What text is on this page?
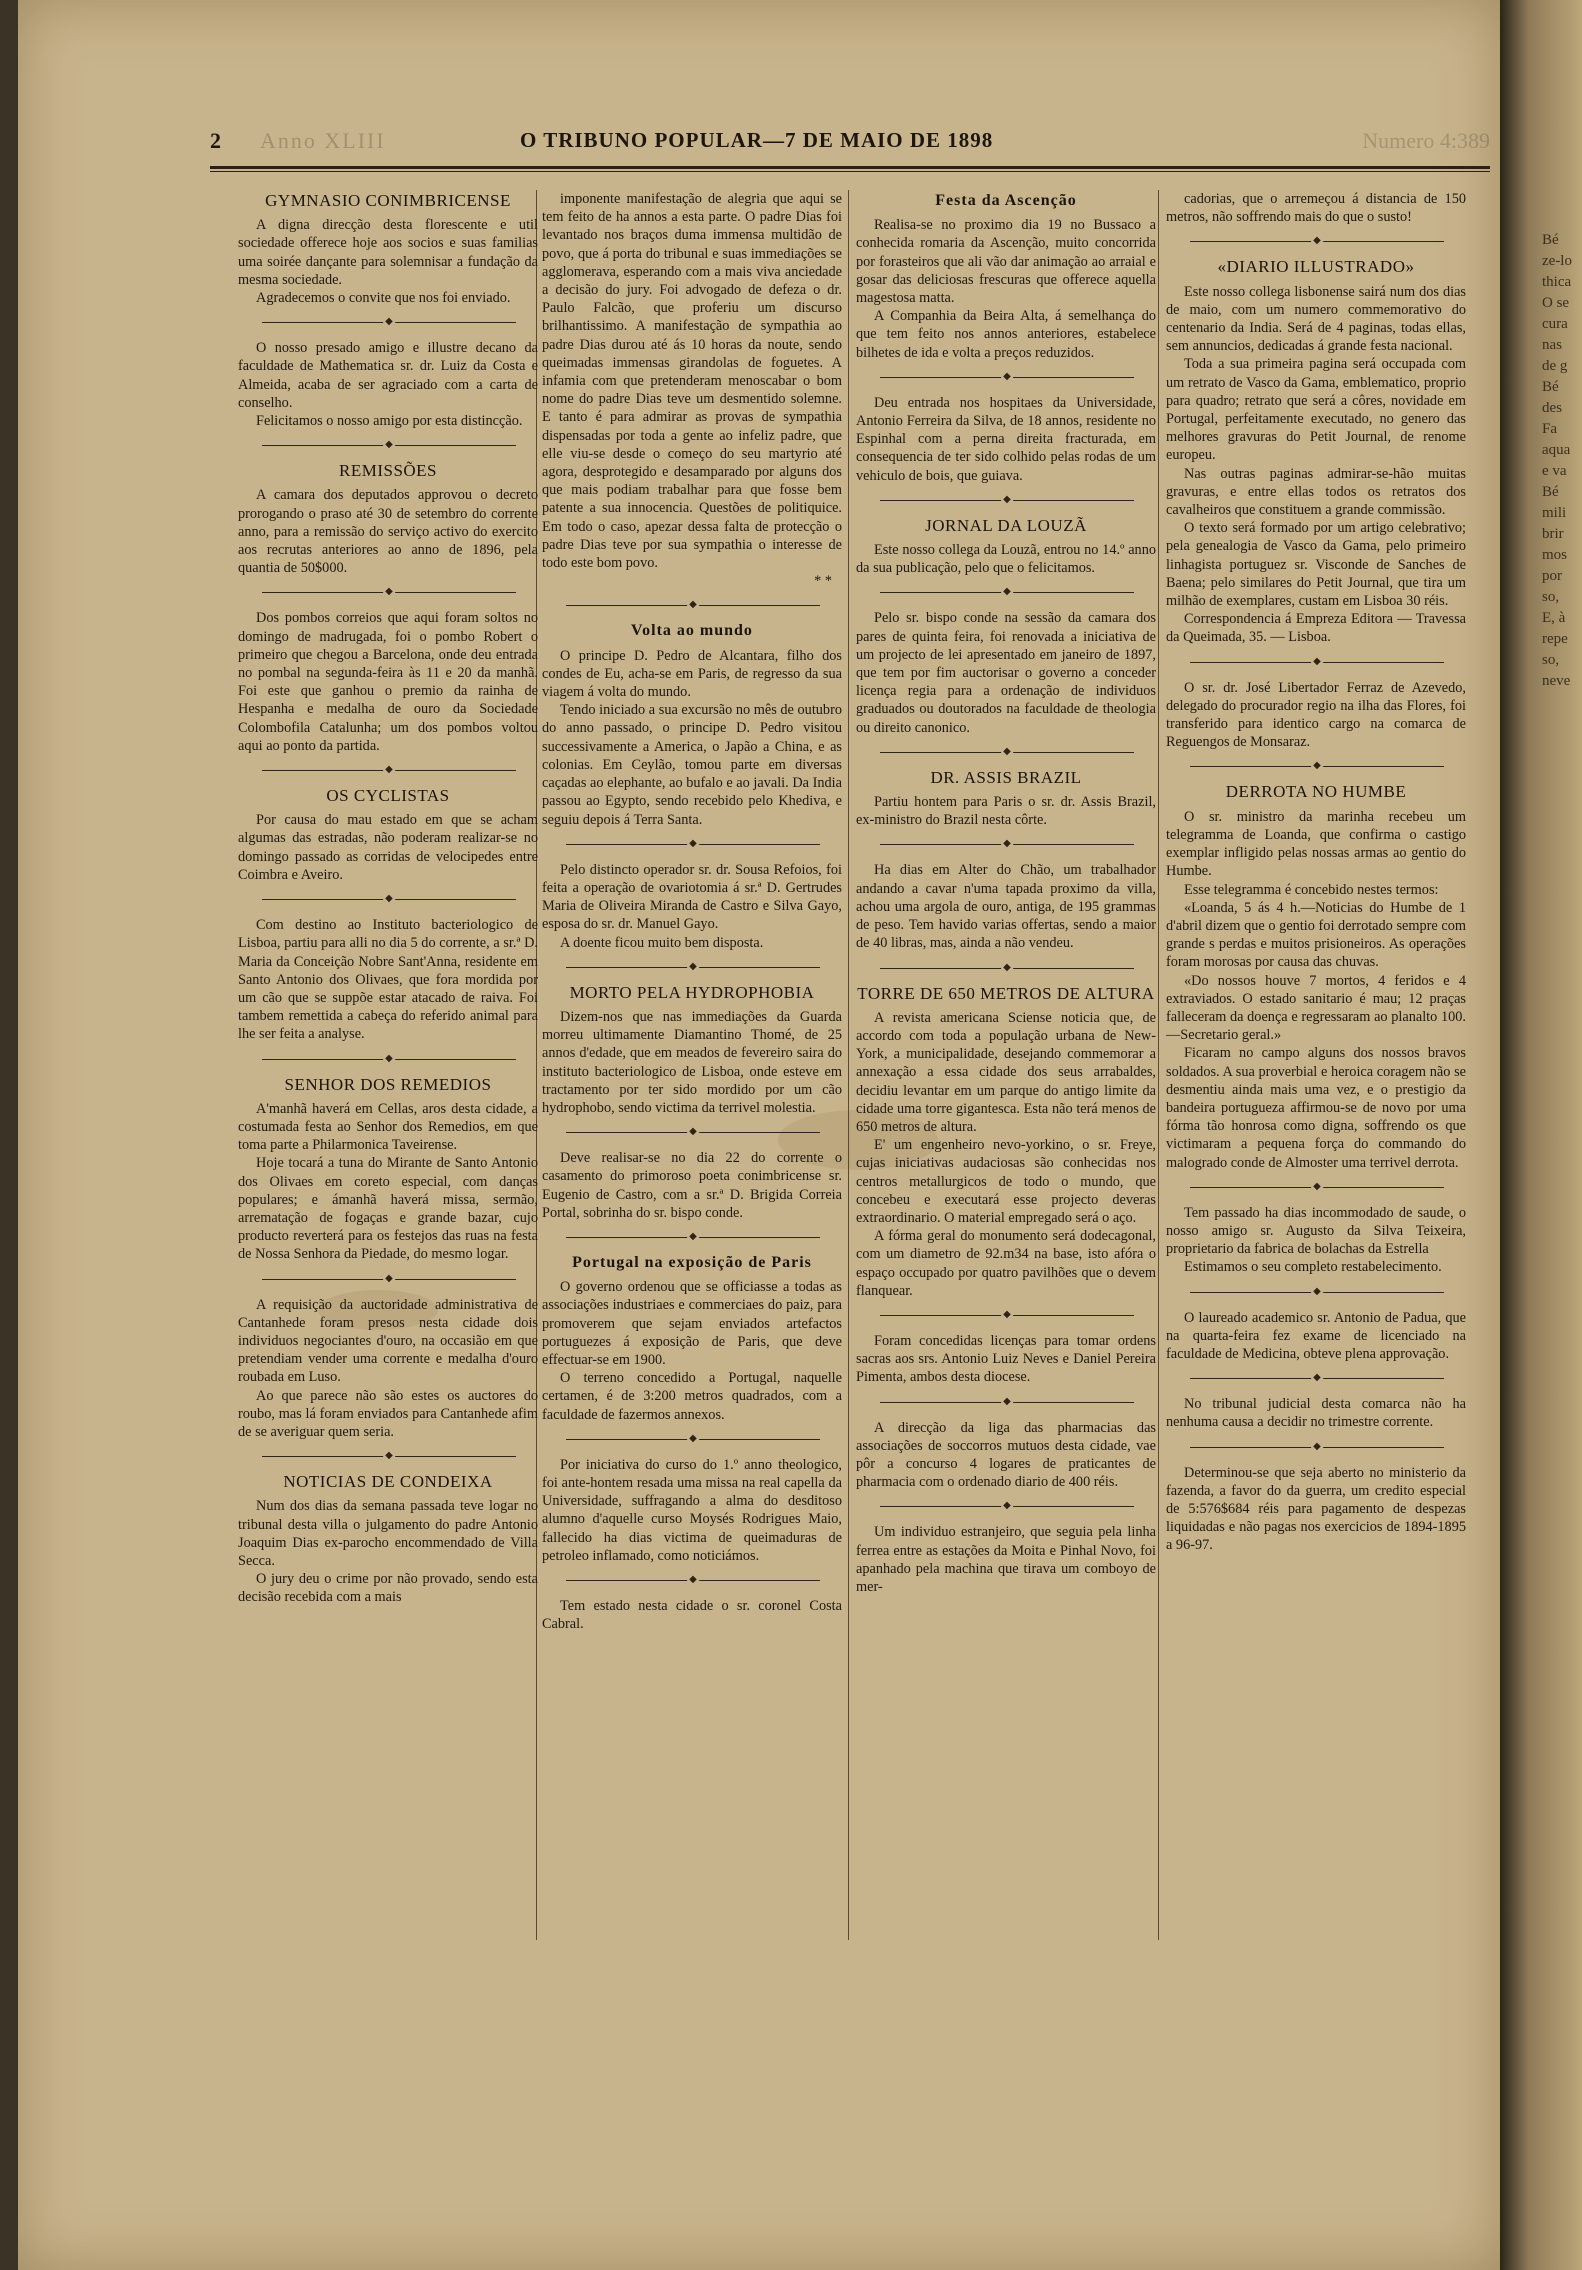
Bé
ze-lo
thica
O se
cura
nas
de g
Bé
des
Fa
aqua
e va
Bé
mili
brir
mos
por
so,
E, à
repe
so,
neve
2 Anno XLIII	O TRIBUNO POPULAR—7 DE MAIO DE 1898	Numero 4:389
GYMNASIO CONIMBRICENSE

A digna direcção desta florescente e util sociedade offerece hoje aos socios e suas familias uma soirée dançante para solemnisar a fundação da mesma sociedade.

Agradecemos o convite que nos foi enviado.

◆

O nosso presado amigo e illustre decano da faculdade de Mathematica sr. dr. Luiz da Costa e Almeida, acaba de ser agraciado com a carta de conselho.

Felicitamos o nosso amigo por esta distincção.

◆
REMISSÕES

A camara dos deputados approvou o decreto prorogando o praso até 30 de setembro do corrente anno, para a remissão do serviço activo do exercito aos recrutas anteriores ao anno de 1896, pela quantia de 50$000.

◆

Dos pombos correios que aqui foram soltos no domingo de madrugada, foi o pombo Robert o primeiro que chegou a Barcelona, onde deu entrada no pombal na segunda-feira às 11 e 20 da manhã. Foi este que ganhou o premio da rainha de Hespanha e medalha de ouro da Sociedade Colombofila Catalunha; um dos pombos voltou aqui ao ponto da partida.

◆
OS CYCLISTAS

Por causa do mau estado em que se acham algumas das estradas, não poderam realizar-se no domingo passado as corridas de velocipedes entre Coimbra e Aveiro.

◆

Com destino ao Instituto bacteriologico de Lisboa, partiu para alli no dia 5 do corrente, a sr.ª D. Maria da Conceição Nobre Sant'Anna, residente em Santo Antonio dos Olivaes, que fora mordida por um cão que se suppõe estar atacado de raiva. Foi tambem remettida a cabeça do referido animal para lhe ser feita a analyse.

◆
SENHOR DOS REMEDIOS

A'manhã haverá em Cellas, aros desta cidade, a costumada festa ao Senhor dos Remedios, em que toma parte a Philarmonica Taveirense.

Hoje tocará a tuna do Mirante de Santo Antonio dos Olivaes em coreto especial, com danças populares; e ámanhã haverá missa, sermão, arrematação de fogaças e grande bazar, cujo producto reverterá para os festejos das ruas na festa de Nossa Senhora da Piedade, do mesmo logar.

◆

A requisição da auctoridade administrativa de Cantanhede foram presos nesta cidade dois individuos negociantes d'ouro, na occasião em que pretendiam vender uma corrente e medalha d'ouro roubada em Luso.

Ao que parece não são estes os auctores do roubo, mas lá foram enviados para Cantanhede afim de se averiguar quem seria.

◆
NOTICIAS DE CONDEIXA

Num dos dias da semana passada teve logar no tribunal desta villa o julgamento do padre Antonio Joaquim Dias ex-parocho encommendado de Villa Secca.

O jury deu o crime por não provado, sendo esta decisão recebida com a mais

imponente manifestação de alegria que aqui se tem feito de ha annos a esta parte. O padre Dias foi levantado nos braços duma immensa multidão de povo, que á porta do tribunal e suas immediações se agglomerava, esperando com a mais viva anciedade a decisão do jury. Foi advogado de defeza o dr. Paulo Falcão, que proferiu um discurso brilhantissimo. A manifestação de sympathia ao padre Dias durou até ás 10 horas da noute, sendo queimadas immensas girandolas de foguetes. A infamia com que pretenderam menoscabar o bom nome do padre Dias teve um desmentido solemne. E tanto é para admirar as provas de sympathia dispensadas por toda a gente ao infeliz padre, que elle viu-se desde o começo do seu martyrio até agora, desprotegido e desamparado por alguns dos que mais podiam trabalhar para que fosse bem patente a sua innocencia. Questões de politiquice. Em todo o caso, apezar dessa falta de protecção o padre Dias teve por sua sympathia o interesse de todo este bom povo.

* *
◆
Volta ao mundo

O principe D. Pedro de Alcantara, filho dos condes de Eu, acha-se em Paris, de regresso da sua viagem á volta do mundo.

Tendo iniciado a sua excursão no mês de outubro do anno passado, o principe D. Pedro visitou successivamente a America, o Japão a China, e as colonias. Em Ceylão, tomou parte em diversas caçadas ao elephante, ao bufalo e ao javali. Da India passou ao Egypto, sendo recebido pelo Khediva, e seguiu depois á Terra Santa.

◆

Pelo distincto operador sr. dr. Sousa Refoios, foi feita a operação de ovariotomia á sr.ª D. Gertrudes Maria de Oliveira Miranda de Castro e Silva Gayo, esposa do sr. dr. Manuel Gayo.

A doente ficou muito bem disposta.

◆
MORTO PELA HYDROPHOBIA

Dizem-nos que nas immediações da Guarda morreu ultimamente Diamantino Thomé, de 25 annos d'edade, que em meados de fevereiro saira do instituto bacteriologico de Lisboa, onde esteve em tractamento por ter sido mordido por um cão hydrophobo, sendo victima da terrivel molestia.

◆

Deve realisar-se no dia 22 do corrente o casamento do primoroso poeta conimbricense sr. Eugenio de Castro, com a sr.ª D. Brigida Correia Portal, sobrinha do sr. bispo conde.

◆
Portugal na exposição de Paris

O governo ordenou que se officiasse a todas as associações industriaes e commerciaes do paiz, para promoverem que sejam enviados artefactos portuguezes á exposição de Paris, que deve effectuar-se em 1900.

O terreno concedido a Portugal, naquelle certamen, é de 3:200 metros quadrados, com a faculdade de fazermos annexos.

◆

Por iniciativa do curso do 1.º anno theologico, foi ante-hontem resada uma missa na real capella da Universidade, suffragando a alma do desditoso alumno d'aquelle curso Moysés Rodrigues Maio, fallecido ha dias victima de queimaduras de petroleo inflamado, como noticiámos.

◆

Tem estado nesta cidade o sr. coronel Costa Cabral.

Festa da Ascenção

Realisa-se no proximo dia 19 no Bussaco a conhecida romaria da Ascenção, muito concorrida por forasteiros que ali vão dar animação ao arraial e gosar das deliciosas frescuras que offerece aquella magestosa matta.

A Companhia da Beira Alta, á semelhança do que tem feito nos annos anteriores, estabelece bilhetes de ida e volta a preços reduzidos.

◆

Deu entrada nos hospitaes da Universidade, Antonio Ferreira da Silva, de 18 annos, residente no Espinhal com a perna direita fracturada, em consequencia de ter sido colhido pelas rodas de um vehiculo de bois, que guiava.

◆
JORNAL DA LOUZÃ

Este nosso collega da Louzã, entrou no 14.º anno da sua publicação, pelo que o felicitamos.

◆

Pelo sr. bispo conde na sessão da camara dos pares de quinta feira, foi renovada a iniciativa de um projecto de lei apresentado em janeiro de 1897, que tem por fim auctorisar o governo a conceder licença regia para a ordenação de individuos graduados ou doutorados na faculdade de theologia ou direito canonico.

◆
DR. ASSIS BRAZIL

Partiu hontem para Paris o sr. dr. Assis Brazil, ex-ministro do Brazil nesta côrte.

◆

Ha dias em Alter do Chão, um trabalhador andando a cavar n'uma tapada proximo da villa, achou uma argola de ouro, antiga, de 195 grammas de peso. Tem havido varias offertas, sendo a maior de 40 libras, mas, ainda a não vendeu.

◆
TORRE DE 650 METROS DE ALTURA

A revista americana Sciense noticia que, de accordo com toda a população urbana de New-York, a municipalidade, desejando commemorar a annexação a essa cidade dos seus arrabaldes, decidiu levantar em um parque do antigo limite da cidade uma torre gigantesca. Esta não terá menos de 650 metros de altura.

E' um engenheiro nevo-yorkino, o sr. Freye, cujas iniciativas audaciosas são conhecidas nos centros metallurgicos de todo o mundo, que concebeu e executará esse projecto deveras extraordinario. O material empregado será o aço.

A fórma geral do monumento será dodecagonal, com um diametro de 92.m34 na base, isto afóra o espaço occupado por quatro pavilhões que o devem flanquear.

◆

Foram concedidas licenças para tomar ordens sacras aos srs. Antonio Luiz Neves e Daniel Pereira Pimenta, ambos desta diocese.

◆

A direcção da liga das pharmacias das associações de soccorros mutuos desta cidade, vae pôr a concurso 4 logares de praticantes de pharmacia com o ordenado diario de 400 réis.

◆

Um individuo estranjeiro, que seguia pela linha ferrea entre as estações da Moita e Pinhal Novo, foi apanhado pela machina que tirava um comboyo de mer-

cadorias, que o arremeçou á distancia de 150 metros, não soffrendo mais do que o susto!

◆
«DIARIO ILLUSTRADO»

Este nosso collega lisbonense sairá num dos dias de maio, com um numero commemorativo do centenario da India. Será de 4 paginas, todas ellas, sem annuncios, dedicadas á grande festa nacional.

Toda a sua primeira pagina será occupada com um retrato de Vasco da Gama, emblematico, proprio para quadro; retrato que será a côres, novidade em Portugal, perfeitamente executado, no genero das melhores gravuras do Petit Journal, de renome europeu.

Nas outras paginas admirar-se-hão muitas gravuras, e entre ellas todos os retratos dos cavalheiros que constituem a grande commissão.

O texto será formado por um artigo celebrativo; pela genealogia de Vasco da Gama, pelo primeiro linhagista portuguez sr. Visconde de Sanches de Baena; pelo similares do Petit Journal, que tira um milhão de exemplares, custam em Lisboa 30 réis.

Correspondencia á Empreza Editora — Travessa da Queimada, 35. — Lisboa.

◆

O sr. dr. José Libertador Ferraz de Azevedo, delegado do procurador regio na ilha das Flores, foi transferido para identico cargo na comarca de Reguengos de Monsaraz.

◆
DERROTA NO HUMBE

O sr. ministro da marinha recebeu um telegramma de Loanda, que confirma o castigo exemplar infligido pelas nossas armas ao gentio do Humbe.

Esse telegramma é concebido nestes termos:

«Loanda, 5 ás 4 h.—Noticias do Humbe de 1 d'abril dizem que o gentio foi derrotado sempre com grande s perdas e muitos prisioneiros. As operações foram morosas por causa das chuvas.

«Do nossos houve 7 mortos, 4 feridos e 4 extraviados. O estado sanitario é mau; 12 praças falleceram da doença e regressaram ao planalto 100.—Secretario geral.»

Ficaram no campo alguns dos nossos bravos soldados. A sua proverbial e heroica coragem não se desmentiu ainda mais uma vez, e o prestigio da bandeira portugueza affirmou-se de novo por uma fórma tão honrosa como digna, soffrendo os que victimaram a pequena força do commando do malogrado conde de Almoster uma terrivel derrota.

◆

Tem passado ha dias incommodado de saude, o nosso amigo sr. Augusto da Silva Teixeira, proprietario da fabrica de bolachas da Estrella

Estimamos o seu completo restabelecimento.

◆

O laureado academico sr. Antonio de Padua, que na quarta-feira fez exame de licenciado na faculdade de Medicina, obteve plena approvação.

◆

No tribunal judicial desta comarca não ha nenhuma causa a decidir no trimestre corrente.

◆

Determinou-se que seja aberto no ministerio da fazenda, a favor do da guerra, um credito especial de 5:576$684 réis para pagamento de despezas liquidadas e não pagas nos exercicios de 1894-1895 a 96-97.
